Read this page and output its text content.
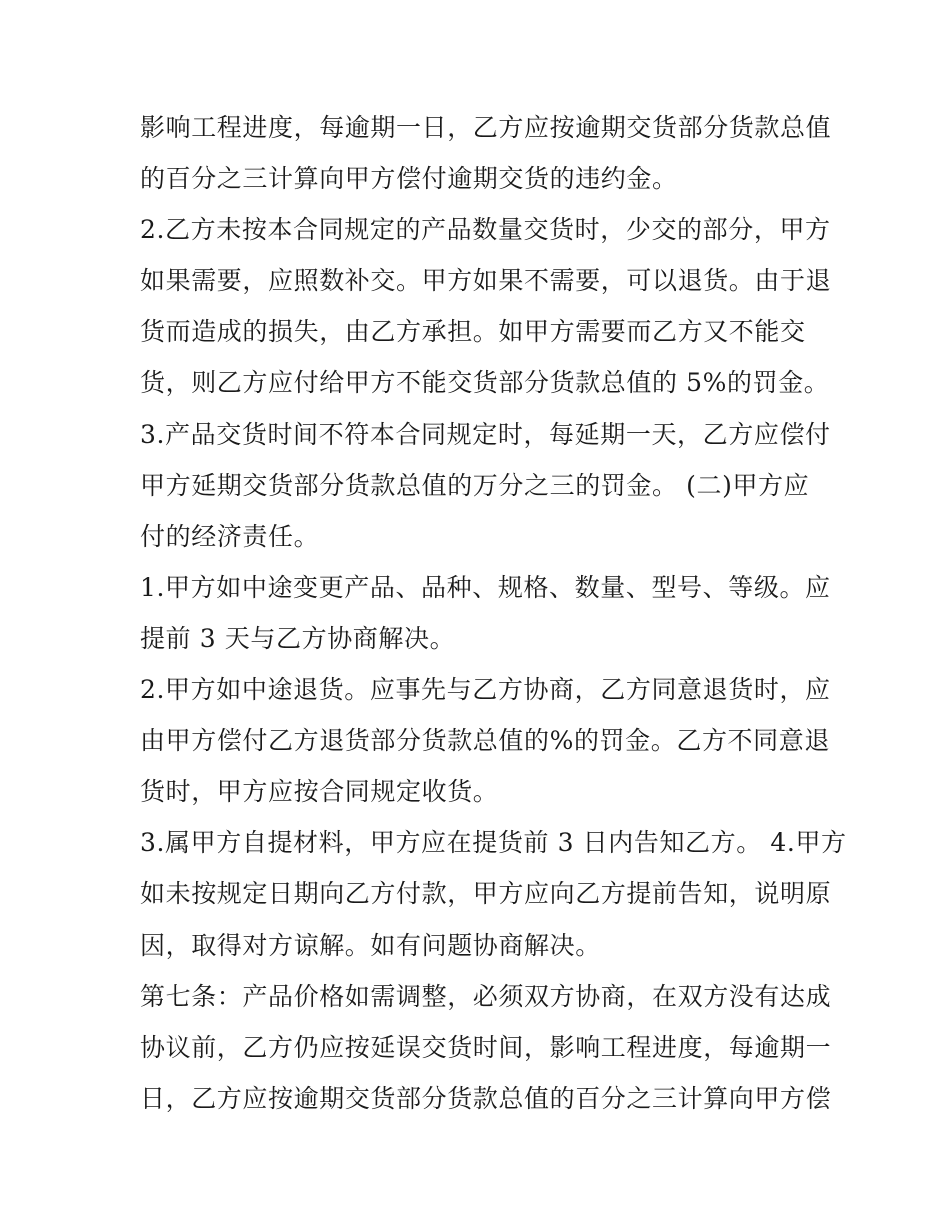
影响工程进度，每逾期一日，乙方应按逾期交货部分货款总值
的百分之三计算向甲方偿付逾期交货的违约金。
2.乙方未按本合同规定的产品数量交货时，少交的部分，甲方
如果需要，应照数补交。甲方如果不需要，可以退货。由于退
货而造成的损失，由乙方承担。如甲方需要而乙方又不能交
货，则乙方应付给甲方不能交货部分货款总值的 5%的罚金。
3.产品交货时间不符本合同规定时，每延期一天，乙方应偿付
甲方延期交货部分货款总值的万分之三的罚金。 (二)甲方应
付的经济责任。
1.甲方如中途变更产品、品种、规格、数量、型号、等级。应
提前 3 天与乙方协商解决。
2.甲方如中途退货。应事先与乙方协商，乙方同意退货时，应
由甲方偿付乙方退货部分货款总值的%的罚金。乙方不同意退
货时，甲方应按合同规定收货。
3.属甲方自提材料，甲方应在提货前 3 日内告知乙方。 4.甲方
如未按规定日期向乙方付款，甲方应向乙方提前告知，说明原
因，取得对方谅解。如有问题协商解决。
第七条：产品价格如需调整，必须双方协商，在双方没有达成
协议前，乙方仍应按延误交货时间，影响工程进度，每逾期一
日，乙方应按逾期交货部分货款总值的百分之三计算向甲方偿
